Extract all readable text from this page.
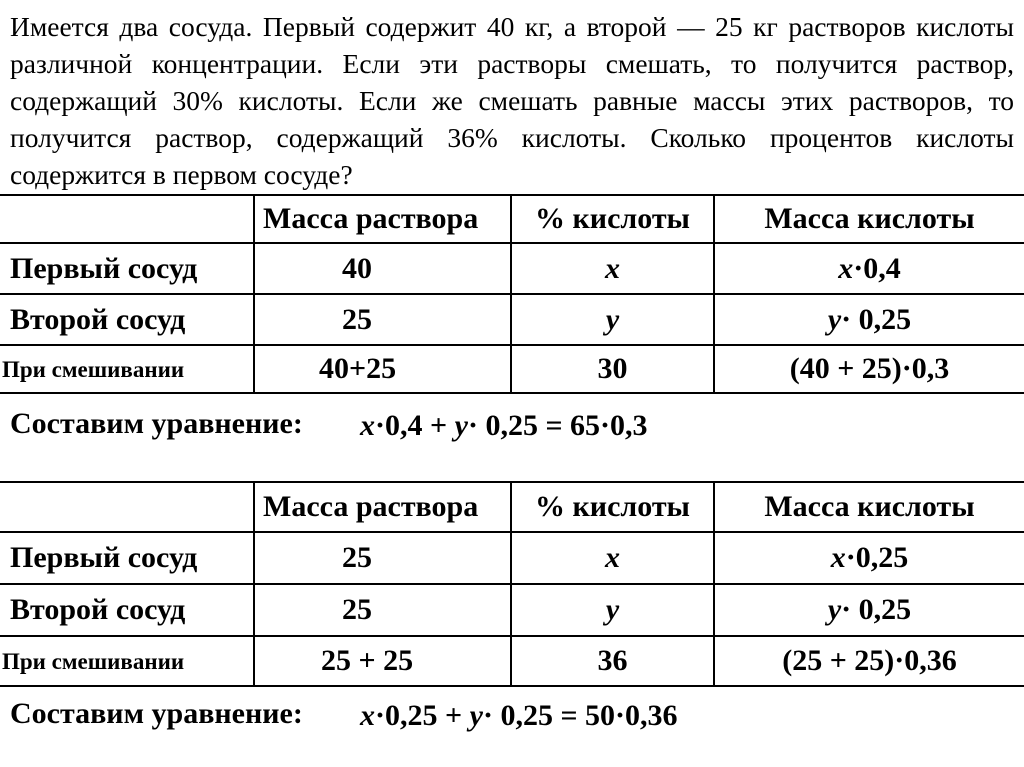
Имеется два сосуда. Первый содержит 40 кг, а второй — 25 кг растворов кислоты различной концентрации. Если эти растворы смешать, то получится раствор, содержащий 30% кислоты. Если же смешать равные массы этих растворов, то получится раствор, содержащий 36% кислоты. Сколько процентов кислоты содержится в первом сосуде?
	Масса раствора	% кислоты	Масса кислоты
Первый сосуд	40	x	x·0,4
Второй сосуд	25	y	y· 0,25
При смешивании	40+25	30	(40 + 25)·0,3
Составим уравнение: x·0,4 + y· 0,25 = 65·0,3
	Масса раствора	% кислоты	Масса кислоты
Первый сосуд	25	x	x·0,25
Второй сосуд	25	y	y· 0,25
При смешивании	25 + 25	36	(25 + 25)·0,36
Составим уравнение: x·0,25 + y· 0,25 = 50·0,36
